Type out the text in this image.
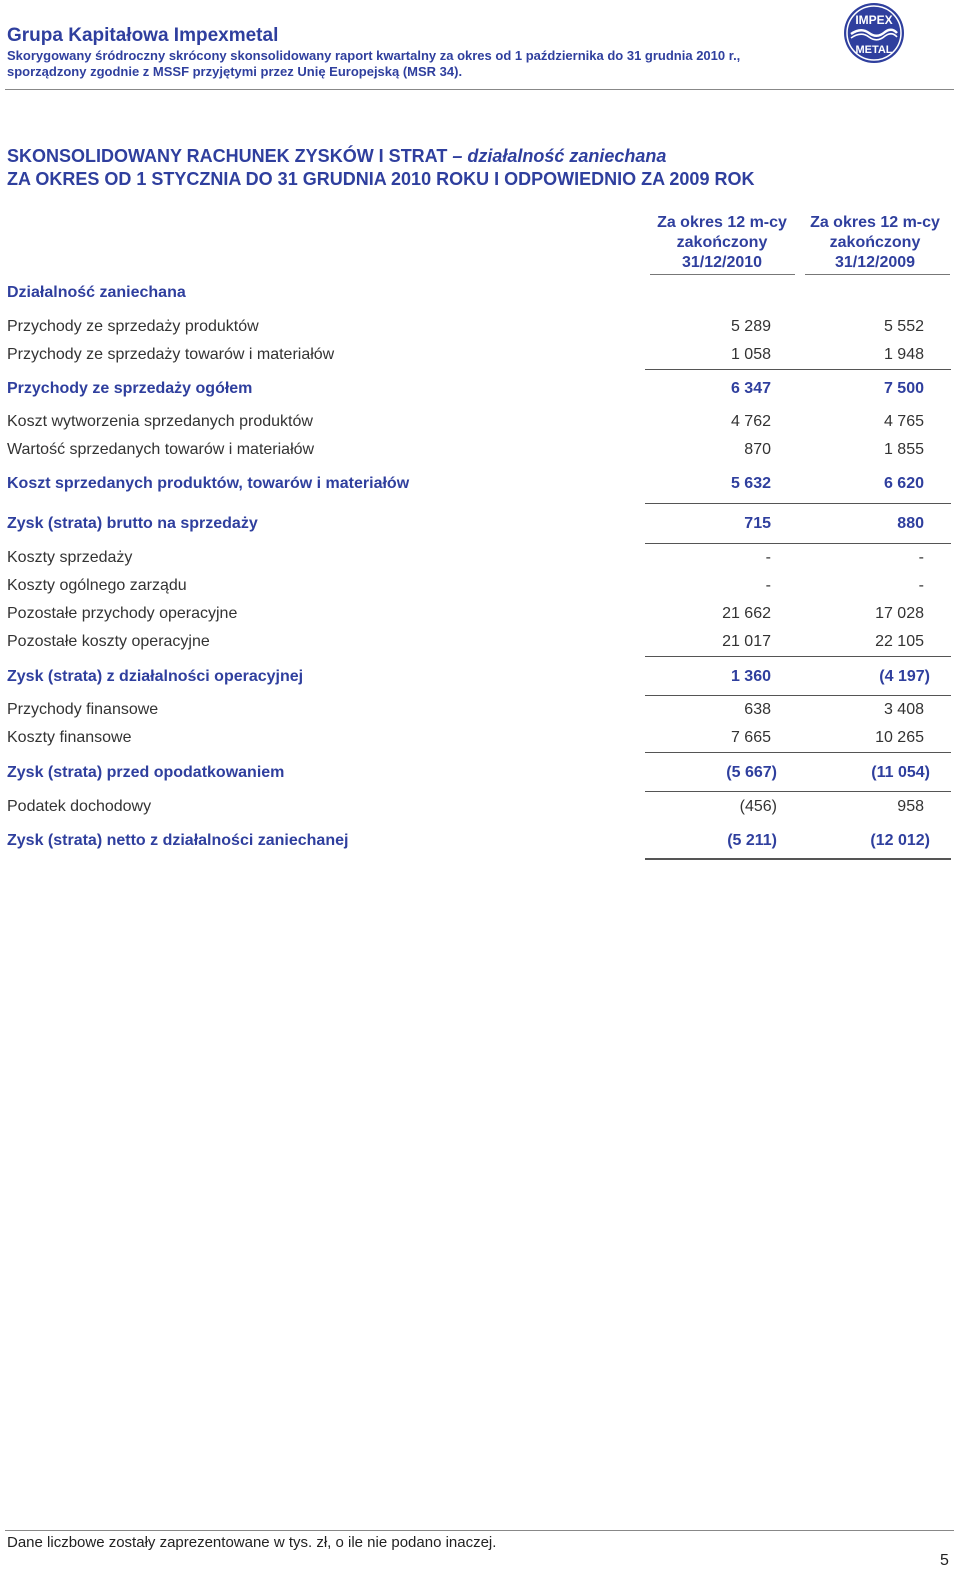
Grupa Kapitałowa Impexmetal
Skorygowany śródroczny skrócony skonsolidowany raport kwartalny za okres od 1 października do 31 grudnia 2010 r.,
sporządzony zgodnie z MSSF przyjętymi przez Unię Europejską (MSR 34).
IMPEX
METAL
SKONSOLIDOWANY RACHUNEK ZYSKÓW I STRAT – działalność zaniechana
ZA OKRES OD 1 STYCZNIA DO 31 GRUDNIA 2010 ROKU I ODPOWIEDNIO ZA 2009 ROK
Za okres 12 m-cy
zakończony
31/12/2010
Za okres 12 m-cy
zakończony
31/12/2009
Działalność zaniechana
Przychody ze sprzedaży produktów	5 289	5 552
Przychody ze sprzedaży towarów i materiałów	1 058	1 948
Przychody ze sprzedaży ogółem	6 347	7 500
Koszt wytworzenia sprzedanych produktów	4 762	4 765
Wartość sprzedanych towarów i materiałów	870	1 855
Koszt sprzedanych produktów, towarów i materiałów	5 632	6 620
Zysk (strata) brutto na sprzedaży	715	880
Koszty sprzedaży	-	-
Koszty ogólnego zarządu	-	-
Pozostałe przychody operacyjne	21 662	17 028
Pozostałe koszty operacyjne	21 017	22 105
Zysk (strata) z działalności operacyjnej	1 360	(4 197)
Przychody finansowe	638	3 408
Koszty finansowe	7 665	10 265
Zysk (strata) przed opodatkowaniem	(5 667)	(11 054)
Podatek dochodowy	(456)	958
Zysk (strata) netto z działalności zaniechanej	(5 211)	(12 012)
Dane liczbowe zostały zaprezentowane w tys. zł, o ile nie podano inaczej.
5
